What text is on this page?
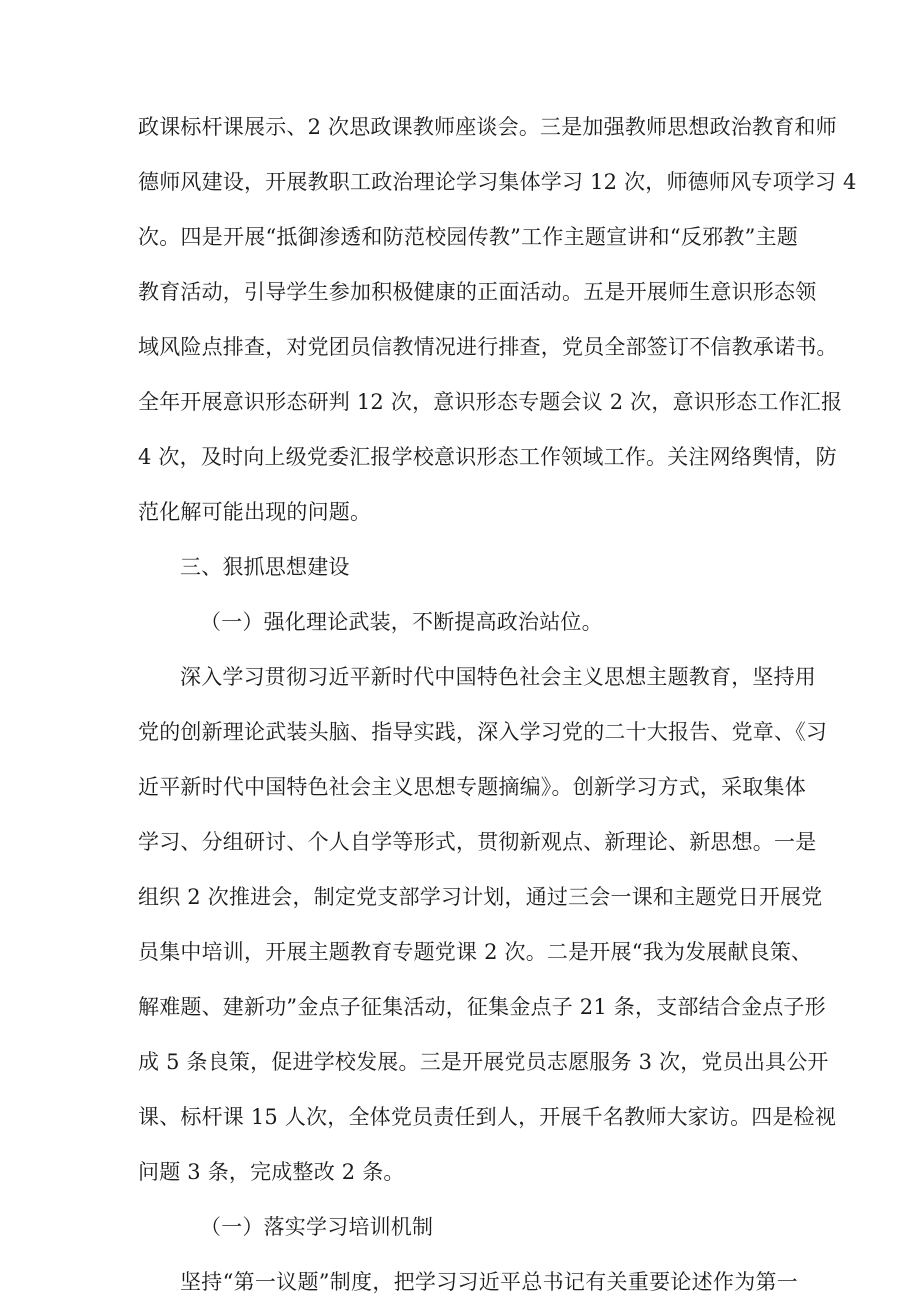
政课标杆课展示、2 次思政课教师座谈会。三是加强教师思想政治教育和师
德师风建设，开展教职工政治理论学习集体学习 12 次，师德师风专项学习 4
次。四是开展“抵御渗透和防范校园传教”工作主题宣讲和“反邪教”主题
教育活动，引导学生参加积极健康的正面活动。五是开展师生意识形态领
域风险点排查，对党团员信教情况进行排查，党员全部签订不信教承诺书。
全年开展意识形态研判 12 次，意识形态专题会议 2 次，意识形态工作汇报
4 次，及时向上级党委汇报学校意识形态工作领域工作。关注网络舆情，防
范化解可能出现的问题。
三、狠抓思想建设
（一）强化理论武装，不断提高政治站位。
深入学习贯彻习近平新时代中国特色社会主义思想主题教育，坚持用
党的创新理论武装头脑、指导实践，深入学习党的二十大报告、党章、《习
近平新时代中国特色社会主义思想专题摘编》。创新学习方式，采取集体
学习、分组研讨、个人自学等形式，贯彻新观点、新理论、新思想。一是
组织 2 次推进会，制定党支部学习计划，通过三会一课和主题党日开展党
员集中培训，开展主题教育专题党课 2 次。二是开展“我为发展献良策、
解难题、建新功”金点子征集活动，征集金点子 21 条，支部结合金点子形
成 5 条良策，促进学校发展。三是开展党员志愿服务 3 次，党员出具公开
课、标杆课 15 人次，全体党员责任到人，开展千名教师大家访。四是检视
问题 3 条，完成整改 2 条。
（一）落实学习培训机制
坚持“第一议题”制度，把学习习近平总书记有关重要论述作为第一
